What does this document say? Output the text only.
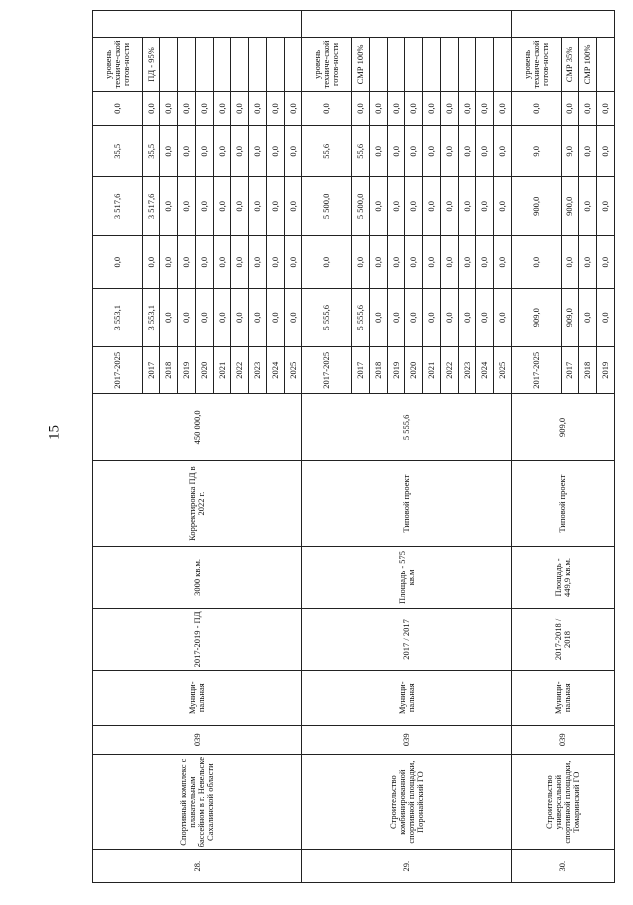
15
28.	Спортивный комплекс с плавательным бассейном в г. Невельске Сахалинской области	039	Муници-пальная	2017-2019 - ПД	3000 кв.м.	Корректировка ПД в 2022 г.	450 000,0	2017-2025	3 553,1	0,0	3 517,6	35,5	0,0	уровень техниче-ской готов-ности	
								2017	3 553,1	0,0	3 517,6	35,5	0,0	ПД - 95%	
								2018	0,0	0,0	0,0	0,0	0,0		
								2019	0,0	0,0	0,0	0,0	0,0		
								2020	0,0	0,0	0,0	0,0	0,0		
								2021	0,0	0,0	0,0	0,0	0,0		
								2022	0,0	0,0	0,0	0,0	0,0		
								2023	0,0	0,0	0,0	0,0	0,0		
								2024	0,0	0,0	0,0	0,0	0,0		
								2025	0,0	0,0	0,0	0,0	0,0		
29.	Строительство комбинированной спортивной площадки, Поронайский ГО	039	Муници-пальная	2017 / 2017	Площадь - 575 кв.м	Типовой проект	5 555,6	2017-2025	5 555,6	0,0	5 500,0	55,6	0,0	уровень техниче-ской готов-ности	
								2017	5 555,6	0,0	5 500,0	55,6	0,0	СМР 100%	
								2018	0,0	0,0	0,0	0,0	0,0		
								2019	0,0	0,0	0,0	0,0	0,0		
								2020	0,0	0,0	0,0	0,0	0,0		
								2021	0,0	0,0	0,0	0,0	0,0		
								2022	0,0	0,0	0,0	0,0	0,0		
								2023	0,0	0,0	0,0	0,0	0,0		
								2024	0,0	0,0	0,0	0,0	0,0		
								2025	0,0	0,0	0,0	0,0	0,0		
30.	Строительство универсальной спортивной площадки, Томаринский ГО	039	Муници-пальная	2017-2018 / 2018	Площадь - 449,9 кв.м.	Типовой проект	909,0	2017-2025	909,0	0,0	900,0	9,0	0,0	уровень техниче-ской готов-ности	
								2017	909,0	0,0	900,0	9,0	0,0	СМР 35%	
								2018	0,0	0,0	0,0	0,0	0,0	СМР 100%	
								2019	0,0	0,0	0,0	0,0	0,0		
